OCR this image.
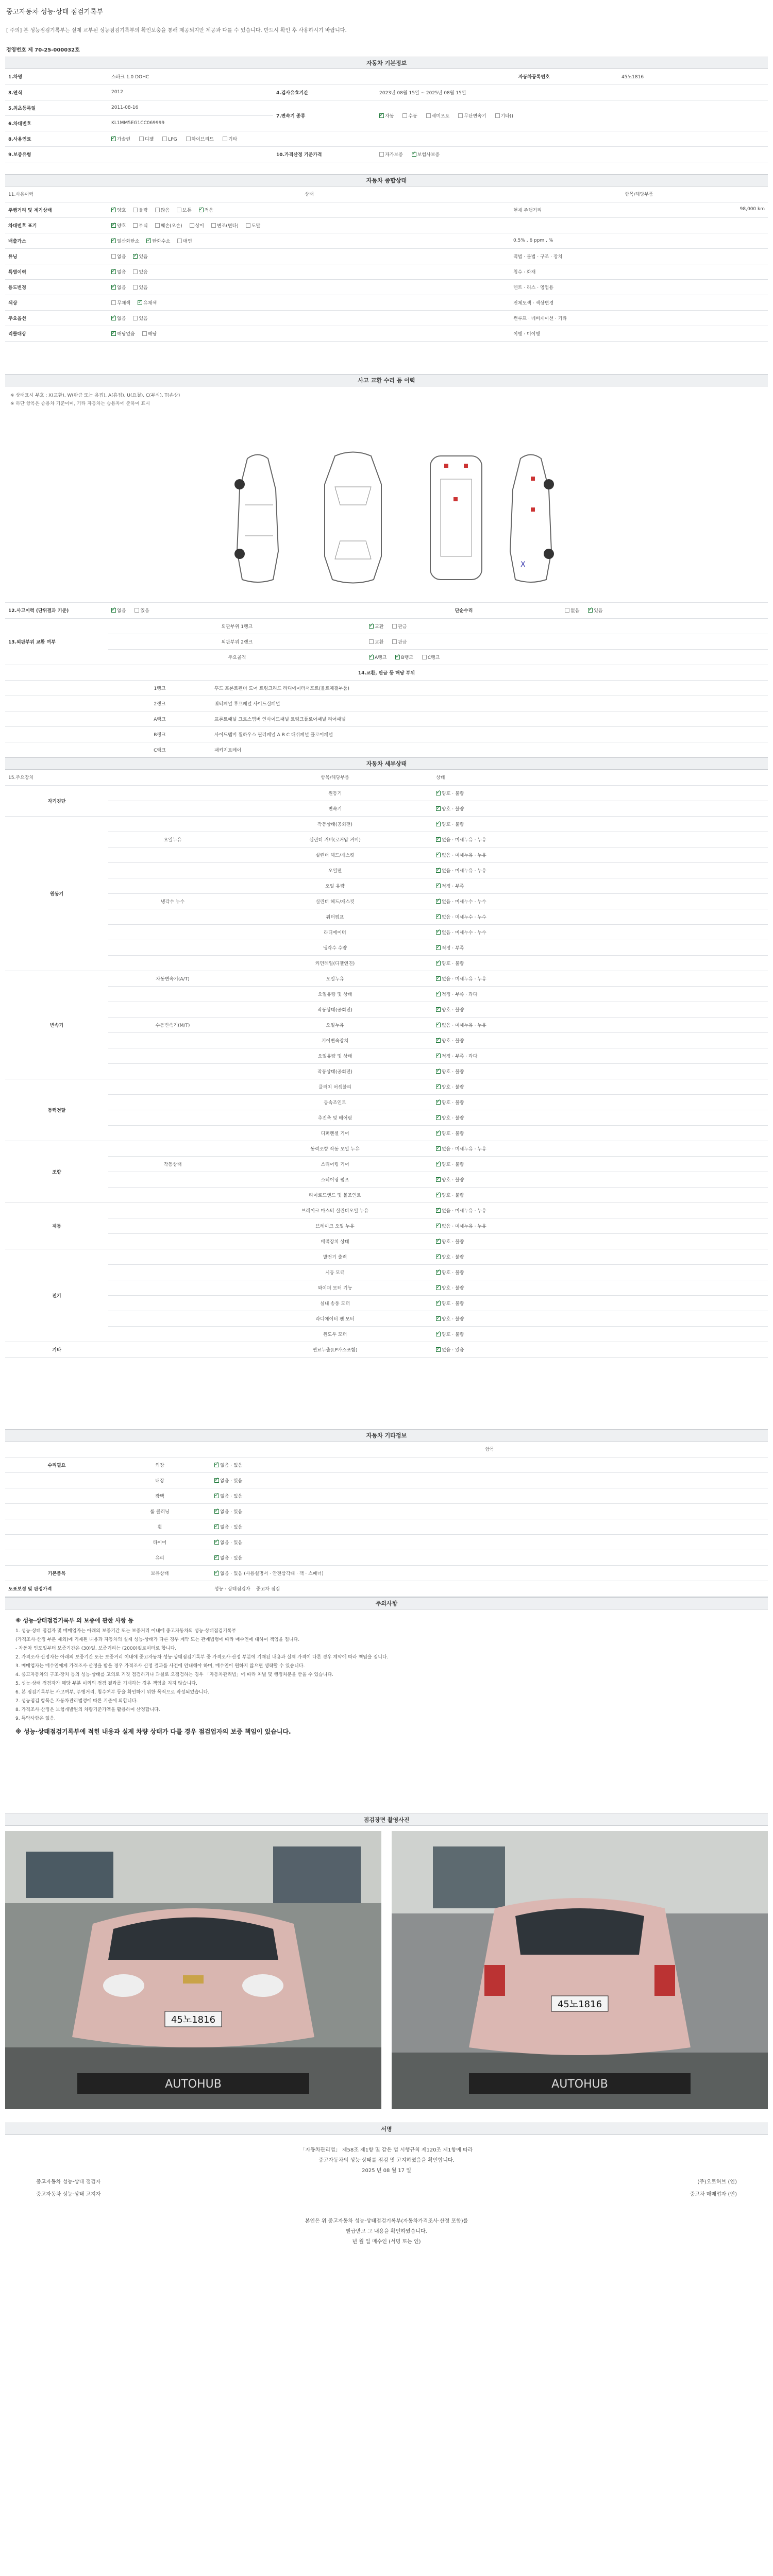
중고자동차 성능·상태 점검기록부
[ 주의] 본 성능점검기록부는 실제 교부된 성능점검기록부의 확인보충을 통해 제공되지만 제공과 다를 수 있습니다. 반드시 확인 후 사용하시기 바랍니다.
정영번호 제 70-25-000032호
자동차 기본정보
1.차명	스파크 1.0 DOHC			자동차등록번호	45노1816
3.연식	2012	4.검사유효기간	2023년 08월 15일 ~ 2025년 08월 15일		
5.최초등록일	2011-08-16	7.변속기 종류	✓자동 수동 세미오토 무단변속기 기타()
6.차대번호	KL1MM5EG1CC069999				
8.사용연료	✓가솔린 디젤 LPG 하이브리드 기타
9.보증유형		10.가격산정 기준가격	자가보증 ✓ 보험사보증
자동차 종합상태
11.사용이력	상태	항목/해당부품
주행거리 및 계기상태	✓양호 불량 많음 보통 ✓ 적음	현재 주행거리 98,000 km

차대번호 표기	✓양호 부식 훼손(오손) 상이 변조(변타) 도말	

배출가스	✓일산화탄소 ✓ 탄화수소 매연	0.5% , 6 ppm , %

튜닝	없음 ✓ 있음	적법 · 불법 · 구조 · 장치

특별이력	✓없음 있음	침수 · 화재

용도변경	✓없음 있음	렌트 · 리스 · 영업용

색상	무채색 ✓ 유채색	전체도색 · 색상변경

주요옵션	✓없음 있음	썬루프 · 네비게이션 · 기타

리콜대상	✓해당없음 해당	이행 · 미이행
사고 교환 수리 등 이력
※ 상태표시 부호 : X(교환), W(판금 또는 용접), A(흠집), U(요철), C(부식), T(손상)
※ 하단 항목은 승용차 기준이며, 기타 자동차는 승용차에 준하여 표시
X
12.사고이력 (단위결과 기준)	✓없음 있음		단순수리	없음 ✓ 있음
13.외판부위 교환 여부	외판부위 1랭크	✓교환 판금
	외판부위 2랭크		교환 판금	
	주요골격	✓A랭크 ✓ B랭크 C랭크
14.교환, 판금 등 해당 부위				
	1랭크	후드 프론트펜더 도어 트렁크리드 라디에이터서포트(볼트체결부품)		
	2랭크	쿼터패널 루프패널 사이드실패널		
	A랭크	프론트패널 크로스멤버 인사이드패널 트렁크플로어패널 리어패널		
	B랭크	사이드멤버 휠하우스 필러패널 A B C 대쉬패널 플로어패널		
	C랭크	패키지트레이		
자동차 세부상태
15.주요장치		항목/해당부품	상태
자기진단		원동기	✓양호 · 불량
		변속기	✓양호 · 불량
원동기		작동상태(공회전)	✓양호 · 불량
	오일누유	실린더 커버(로커암 커버)	✓없음 · 미세누유 · 누유
		실린더 헤드/개스킷	✓없음 · 미세누유 · 누유
		오일팬	✓없음 · 미세누유 · 누유
		오일 유량	✓적정 · 부족
	냉각수 누수	실린더 헤드/개스킷	✓없음 · 미세누수 · 누수
		워터펌프	✓없음 · 미세누수 · 누수
		라디에이터	✓없음 · 미세누수 · 누수
		냉각수 수량	✓적정 · 부족
		커먼레일(디젤엔진)	✓양호 · 불량
변속기	자동변속기(A/T)	오일누유	✓없음 · 미세누유 · 누유
		오일유량 및 상태	✓적정 · 부족 · 과다
		작동상태(공회전)	✓양호 · 불량
	수동변속기(M/T)	오일누유	✓없음 · 미세누유 · 누유
		기어변속장치	✓양호 · 불량
		오일유량 및 상태	✓적정 · 부족 · 과다
		작동상태(공회전)	✓양호 · 불량
동력전달		클러치 어셈블리	✓양호 · 불량
		등속조인트	✓양호 · 불량
		추진축 및 베어링	✓양호 · 불량
		디퍼렌셜 기어	✓양호 · 불량
조향		동력조향 작동 오일 누유	✓없음 · 미세누유 · 누유
	작동상태	스티어링 기어	✓양호 · 불량
		스티어링 펌프	✓양호 · 불량
		타이로드엔드 및 볼조인트	✓양호 · 불량
제동		브레이크 마스터 실린더오일 누유	✓없음 · 미세누유 · 누유
		브레이크 오일 누유	✓없음 · 미세누유 · 누유
		배력장치 상태	✓양호 · 불량
전기		발전기 출력	✓양호 · 불량
		시동 모터	✓양호 · 불량
		와이퍼 모터 기능	✓양호 · 불량
		실내 송풍 모터	✓양호 · 불량
		라디에이터 팬 모터	✓양호 · 불량
		윈도우 모터	✓양호 · 불량
기타		연료누출(LP가스포함)	✓없음 · 있음
자동차 기타정보
		항목
수리필요	외장	✓없음 · 있음
	내장	✓없음 · 있음
	광택	✓없음 · 있음
	룸 클리닝	✓없음 · 있음
	휠	✓없음 · 있음
	타이어	✓없음 · 있음
	유리	✓없음 · 있음
기본품목	보유상태	✓없음 · 있음 (사용설명서 · 안전삼각대 · 잭 · 스패너)
도표보정 및 판정가격		성능 · 상태점검자 중고차 점검
주의사항
※ 성능·상태점검기록부 의 보증에 관한 사항 등

1. 성능·상태 점검자 및 매매업자는 아래의 보증기간 또는 보증거리 이내에 중고자동차의 성능·상태점검기록부

(가격조사·산정 부분 제외)에 기재된 내용과 자동차의 실제 성능·상태가 다른 경우 계약 또는 관계법령에 따라 매수인에 대하여 책임을 집니다.

- 자동차 인도일부터 보증기간은 (30)일, 보증거리는 (2000)킬로미터로 합니다.

2. 가격조사·산정자는 아래의 보증기간 또는 보증거리 이내에 중고자동차 성능·상태점검기록부 중 가격조사·산정 부분에 기재된 내용과 실제 가격이 다른 경우 계약에 따라 책임을 집니다.

3. 매매업자는 매수인에게 가격조사·산정을 받을 경우 가격조사·산정 결과를 사전에 안내해야 하며, 매수인이 원하지 않으면 생략할 수 있습니다.

4. 중고자동차의 구조·장치 등의 성능·상태를 고의로 거짓 점검하거나 과실로 오점검하는 경우 「자동차관리법」에 따라 처벌 및 행정처분을 받을 수 있습니다.

5. 성능·상태 점검자가 해당 부분 이외의 점검 결과를 기재하는 경우 책임을 지지 않습니다.

6. 본 점검기록부는 사고여부, 주행거리, 침수여부 등을 확인하기 위한 목적으로 작성되었습니다.

7. 성능점검 항목은 자동차관리법령에 따른 기준에 의합니다.

8. 가격조사·산정은 보험개발원의 차량기준가액을 활용하여 산정합니다.

9. 특약사항은 없음.

※ 성능·상태점검기록부에 적힌 내용과 실제 차량 상태가 다를 경우 점검업자의 보증 책임이 있습니다.

점검장면 촬영사진
45노1816
AUTOHUB
45노1816
AUTOHUB
서명
「자동차관리법」 제58조 제1항 및 같은 법 시행규칙 제120조 제1항에 따라
중고자동차의 성능·상태를 점검 및 고지하였음을 확인합니다.
2025 년 08 월 17 일
중고자동차 성능·상태 점검자	(주)오토허브 (인)
중고자동차 성능·상태 고지자	중고차 매매업자 (인)
본인은 위 중고자동차 성능·상태점검기록부(자동차가격조사·산정 포함)를
발급받고 그 내용을 확인하였습니다.
년 월 일 매수인 (서명 또는 인)
